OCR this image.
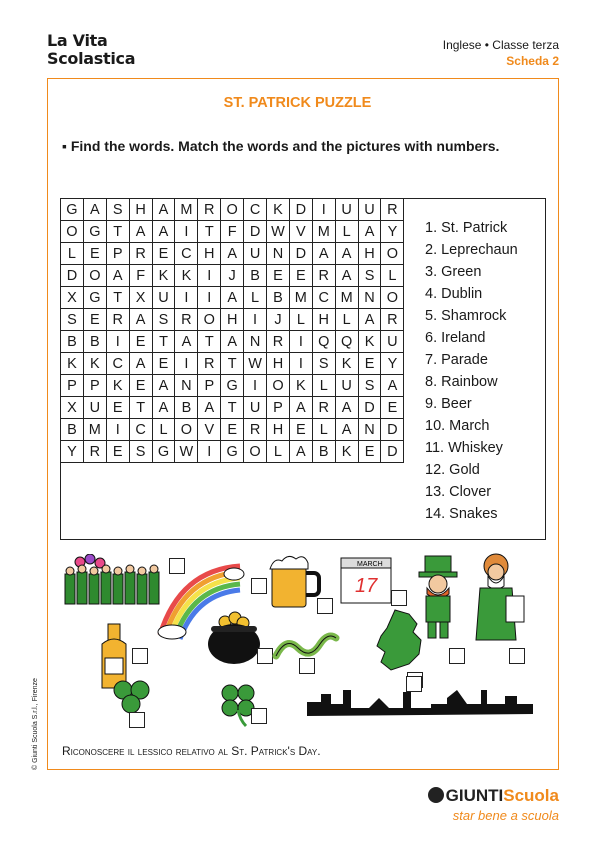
La Vita
Scolastica
Inglese • Classe terza
Scheda 2
ST. PATRICK PUZZLE
▪ Find the words. Match the words and the pictures with numbers.
G	A	S	H	A	M	R	O	C	K	D	I	U	U	R
O	G	T	A	A	I	T	F	D	W	V	M	L	A	Y
L	E	P	R	E	C	H	A	U	N	D	A	A	H	O
D	O	A	F	K	K	I	J	B	E	E	R	A	S	L
X	G	T	X	U	I	I	A	L	B	M	C	M	N	O
S	E	R	A	S	R	O	H	I	J	L	H	L	A	R
B	B	I	E	T	A	T	A	N	R	I	Q	Q	K	U
K	K	C	A	E	I	R	T	W	H	I	S	K	E	Y
P	P	K	E	A	N	P	G	I	O	K	L	U	S	A
X	U	E	T	A	B	A	T	U	P	A	R	A	D	E
B	M	I	C	L	O	V	E	R	H	E	L	A	N	D
Y	R	E	S	G	W	I	G	O	L	A	B	K	E	D
1. St. Patrick
2. Leprechaun
3. Green
4. Dublin
5. Shamrock
6. Ireland
7. Parade
8. Rainbow
9. Beer
10. March
11. Whiskey
12. Gold
13. Clover
14. Snakes
MARCH
17
Riconoscere il lessico relativo al St. Patrick's Day.
© Giunti Scuola S.r.l., Firenze
GIUNTIScuola
star bene a scuola
